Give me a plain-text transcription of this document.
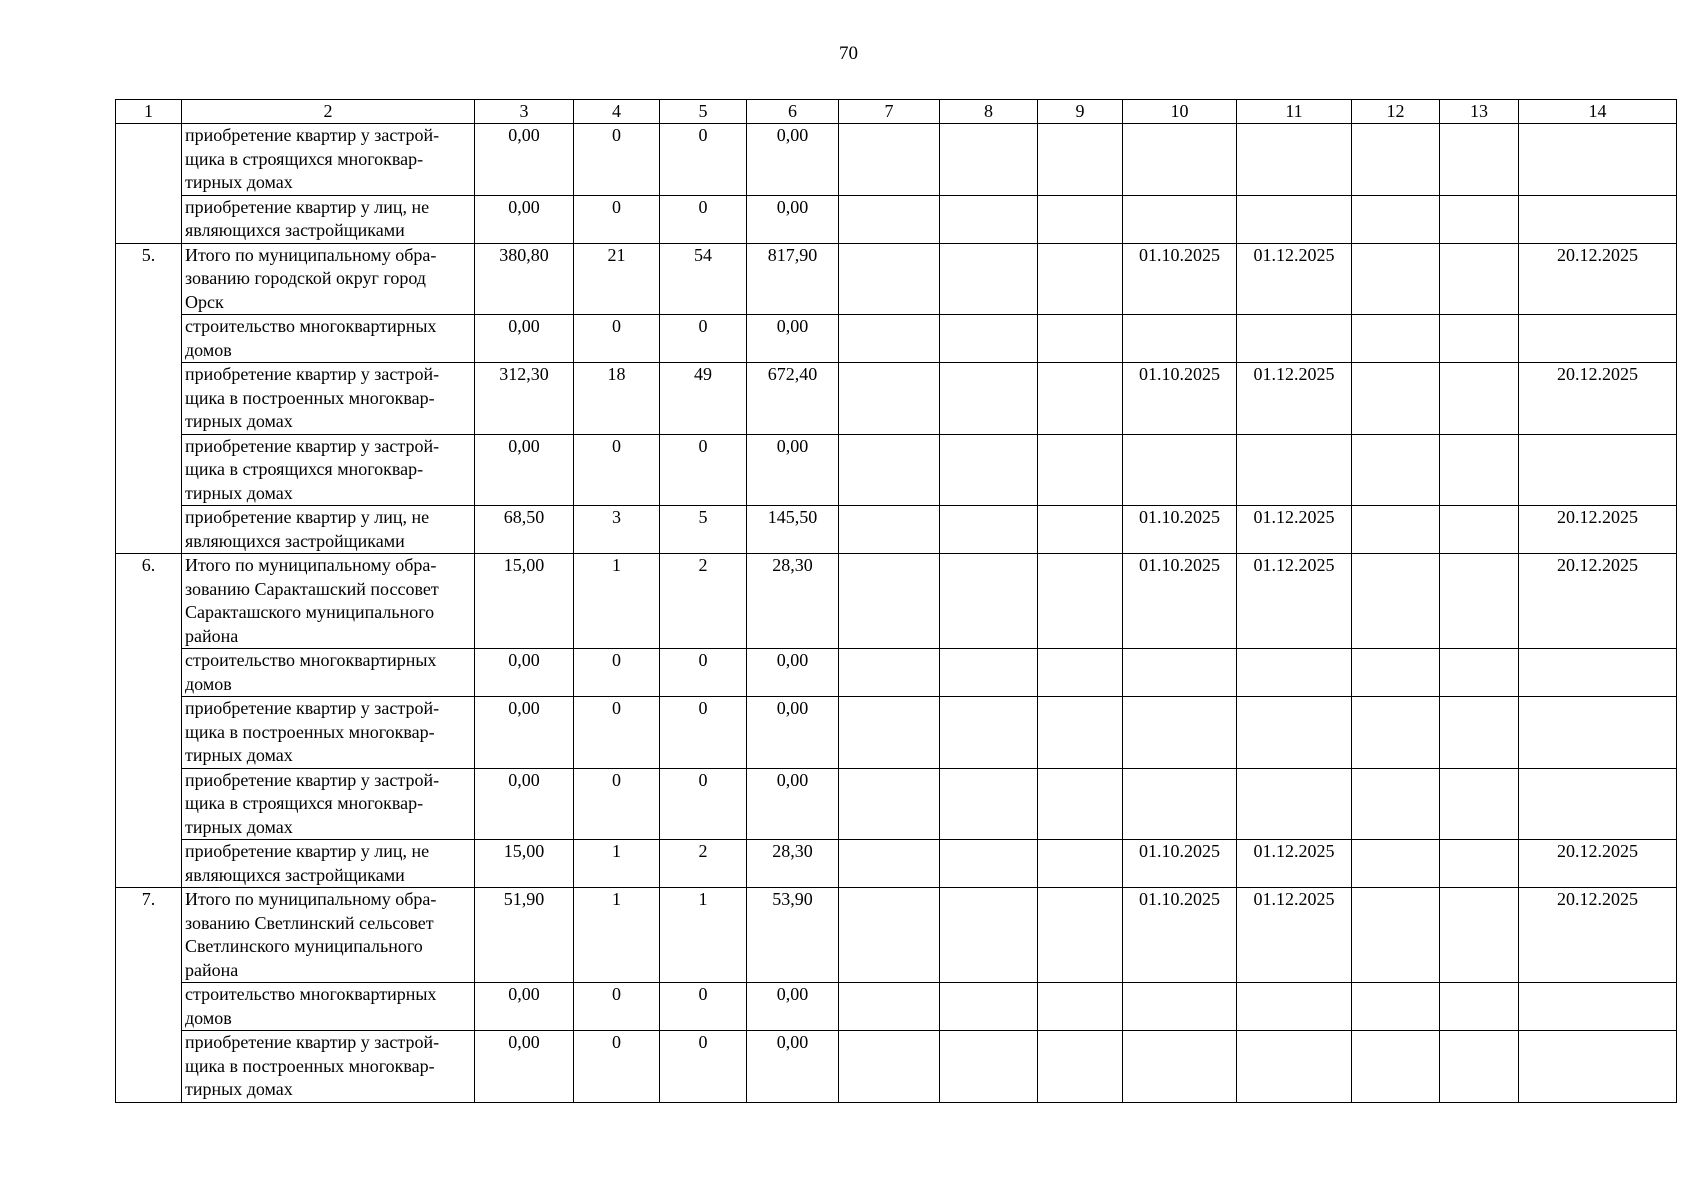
70
1	2	3	4	5	6	7	8	9	10	11	12	13	14

	приобретение квартир у застрой-
щика в строящихся многоквар-
тирных домах	0,00	0	0	0,00								

	приобретение квартир у лиц, не
являющихся застройщиками	0,00	0	0	0,00								
5.	Итого по муниципальному обра-
зованию городской округ город
Орск	380,80	21	54	817,90				01.10.2025	01.12.2025			20.12.2025

	строительство многоквартирных
домов	0,00	0	0	0,00								

	приобретение квартир у застрой-
щика в построенных многоквар-
тирных домах	312,30	18	49	672,40				01.10.2025	01.12.2025			20.12.2025

	приобретение квартир у застрой-
щика в строящихся многоквар-
тирных домах	0,00	0	0	0,00								

	приобретение квартир у лиц, не
являющихся застройщиками	68,50	3	5	145,50				01.10.2025	01.12.2025			20.12.2025
6.	Итого по муниципальному обра-
зованию Саракташский поссовет
Саракташского муниципального
района	15,00	1	2	28,30				01.10.2025	01.12.2025			20.12.2025

	строительство многоквартирных
домов	0,00	0	0	0,00								

	приобретение квартир у застрой-
щика в построенных многоквар-
тирных домах	0,00	0	0	0,00								

	приобретение квартир у застрой-
щика в строящихся многоквар-
тирных домах	0,00	0	0	0,00								

	приобретение квартир у лиц, не
являющихся застройщиками	15,00	1	2	28,30				01.10.2025	01.12.2025			20.12.2025
7.	Итого по муниципальному обра-
зованию Светлинский сельсовет
Светлинского муниципального
района	51,90	1	1	53,90				01.10.2025	01.12.2025			20.12.2025

	строительство многоквартирных
домов	0,00	0	0	0,00								

	приобретение квартир у застрой-
щика в построенных многоквар-
тирных домах	0,00	0	0	0,00								
